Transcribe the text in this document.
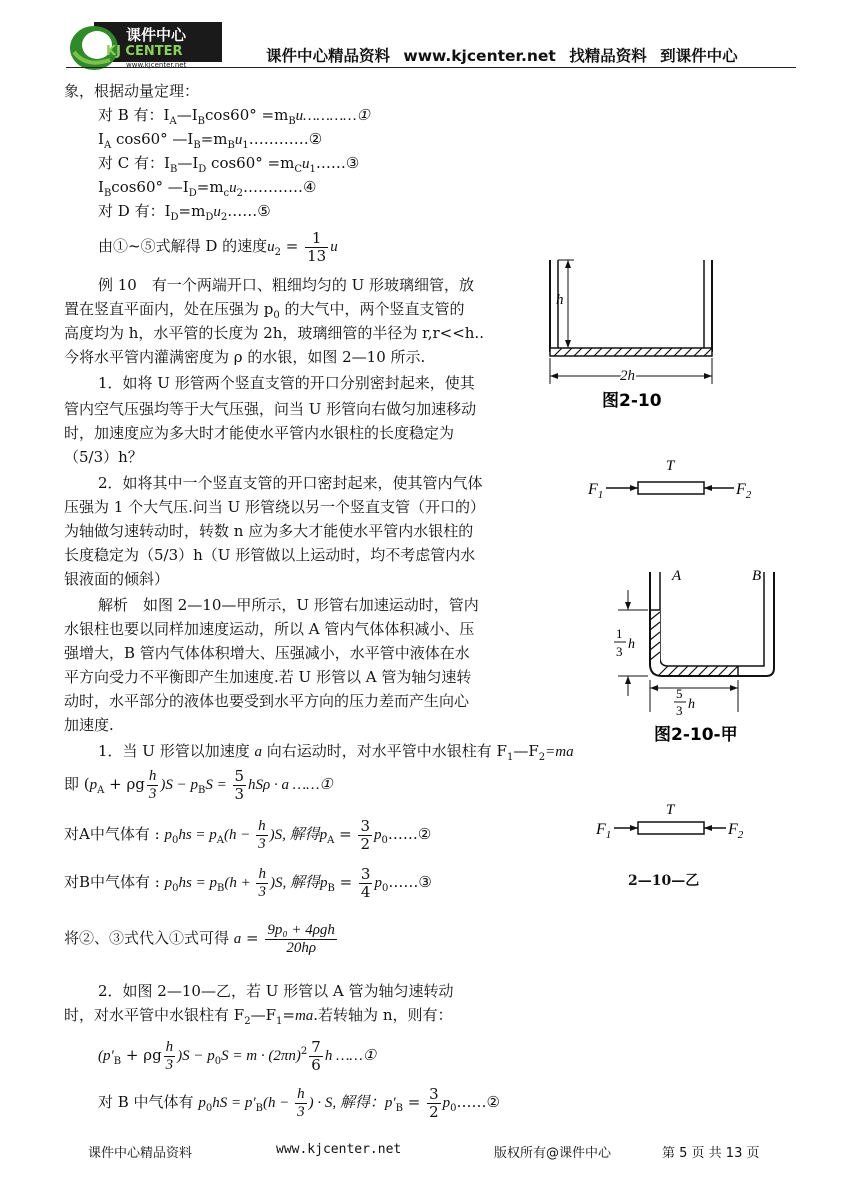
课件中心
KJ CENTER
www.kjcenter.net	课件中心精品资料 www.kjcenter.net 找精品资料 到课件中心
象，根据动量定理：
对 B 有：$I_A—I_B\cos 60^\circ$ $=m_Bu\dots\dots\dots\dots ①$
$I_A$ cos60° $—I_B=m_Bu_1\dots\dots\dots\dots ②$
对 C 有：$I_B—I_D$ $\cos 60^\circ =m_Cu_1\dots\dots ③$
$I_B\cos 60^\circ$ $—I_D=m_cu_2\dots\dots\dots\dots ④$
对 D 有：$I_D=m_Du_2\dots\dots ⑤$
由①~⑤式解得 D 的速度$u_2 = \frac{1}{13}$ u
例 10　有一个两端开口、粗细均匀的 U 形玻璃细管，放
置在竖直平面内，处在压强为 $p_0$ 的大气中，两个竖直支管的
高度均为 h，水平管的长度为 2h，玻璃细管的半径为 r,r<<h..
今将水平管内灌满密度为 ρ 的水银，如图 2—10 所示.
1．如将 U 形管两个竖直支管的开口分别密封起来，使其
管内空气压强均等于大气压强，问当 U 形管向右做匀加速移动
时，加速度应为多大时才能使水平管内水银柱的长度稳定为
（5/3）h？
2．如将其中一个竖直支管的开口密封起来，使其管内气体
压强为 1 个大气压.问当 U 形管绕以另一个竖直支管（开口的）
为轴做匀速转动时，转数 n 应为多大才能使水平管内水银柱的
长度稳定为（5/3）h（U 形管做以上运动时，均不考虑管内水
银液面的倾斜）
解析　如图 2—10—甲所示，U 形管右加速运动时，管内
水银柱也要以同样加速度运动，所以 A 管内气体体积减小、压
强增大，B 管内气体体积增大、压强减小，水平管中液体在水
平方向受力不平衡即产生加速度.若 U 形管以 A 管为轴匀速转
动时，水平部分的液体也要受到水平方向的压力差而产生向心
加速度.
1．当 U 形管以加速度 a 向右运动时，对水平管中水银柱有 $F_1—F_2=ma$
即 $(p_A + \rho g \frac{h}{3} )S - p_BS = \frac{5}{3}$ hSρ · a ……①
对A中气体有 : $p_0hs = p_A(h - \frac{h}{3} )S$, 解得$p_A = \frac{3}{2}$ $p_0\dots\dots ②$
对B中气体有 : $p_0hs = p_B(h + \frac{h}{3} )S$, 解得$p_B = \frac{3}{4}$ $p_0\dots\dots ③$
将②、③式代入①式可得 $a = \frac{\text{9p₀ + 4ρgh}}{20h\rho}$
2．如图 2—10—乙，若 U 形管以 A 管为轴匀速转动
时，对水平管中水银柱有 $F_2—F_1=ma$.若转轴为 n，则有：
$(p'_B + \rho g \frac{h}{3} )S - p_0S = m \cdot (2\pi n)^2 \frac{7}{6}$ h ……①
对 B 中气体有 $p_0hS = p'_B(h - \frac{h}{3}$ ) · S, 解得：$p'_B = \frac{3}{2}$ $p_0\dots\dots ②$
h
2h
图2-10
T
$F_1$	$F_2$
A	B
1
3 h
5
3 h
图2-10-甲
T
$F_1$	$F_2$
2—10—乙
课件中心精品资料	www.kjcenter.net	版权所有@课件中心	第 5 页 共 13 页
